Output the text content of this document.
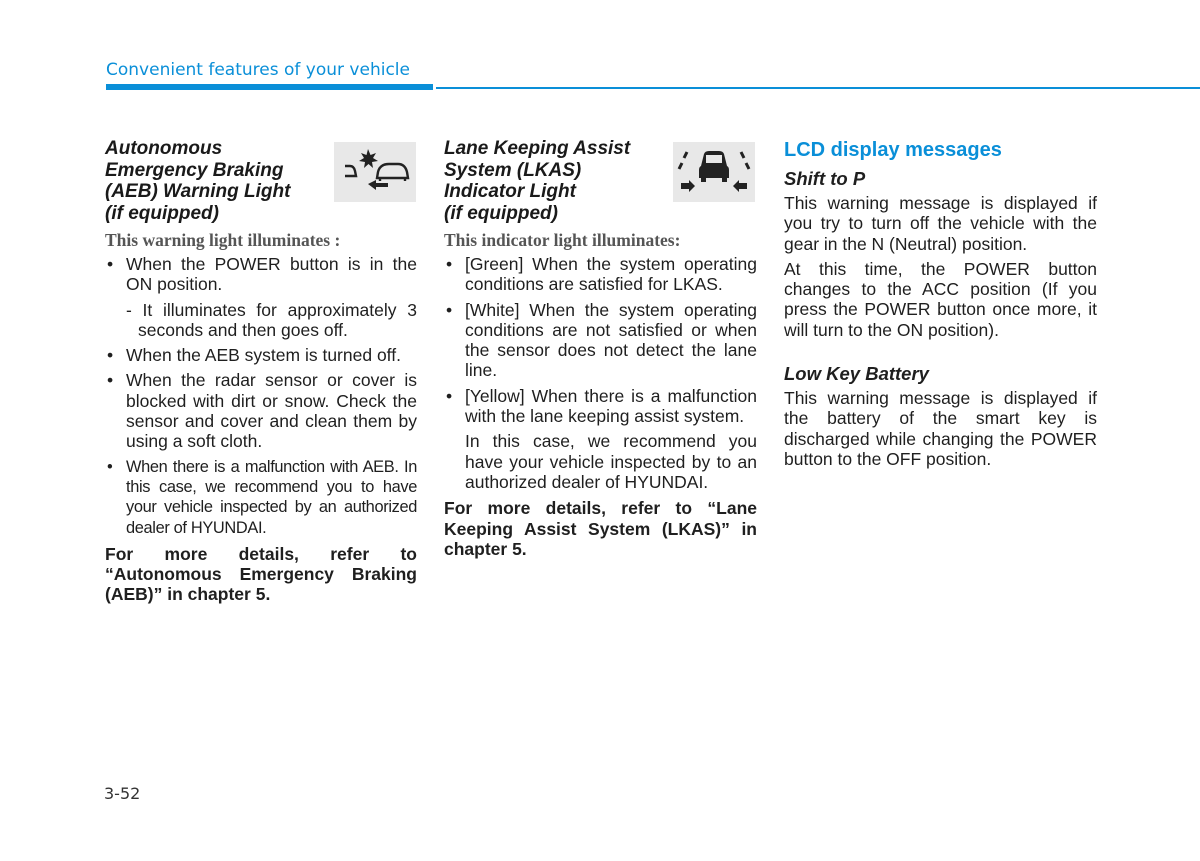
Convenient features of your vehicle
Autonomous
Emergency Braking
(AEB) Warning Light
(if equipped)
This warning light illuminates :
• When the POWER button is in the ON position.
- It illuminates for approximately 3 seconds and then goes off.
• When the AEB system is turned off.
• When the radar sensor or cover is blocked with dirt or snow. Check the sensor and cover and clean them by using a soft cloth.
• When there is a malfunction with AEB. In this case, we recommend you to have your vehicle inspected by an authorized dealer of HYUNDAI.
For more details, refer to “Autonomous Emergency Braking (AEB)” in chapter 5.
Lane Keeping Assist
System (LKAS)
Indicator Light
(if equipped)
This indicator light illuminates:
• [Green] When the system operating conditions are satisfied for LKAS.
• [White] When the system operating conditions are not satisfied or when the sensor does not detect the lane line.
• [Yellow] When there is a malfunction with the lane keeping assist system.
In this case, we recommend you have your vehicle inspected by to an authorized dealer of HYUNDAI.
For more details, refer to “Lane Keeping Assist System (LKAS)” in chapter 5.
LCD display messages
Shift to P
This warning message is displayed if you try to turn off the vehicle with the gear in the N (Neutral) position.
At this time, the POWER button changes to the ACC position (If you press the POWER button once more, it will turn to the ON position).
Low Key Battery
This warning message is displayed if the battery of the smart key is discharged while changing the POWER button to the OFF position.
3-52
